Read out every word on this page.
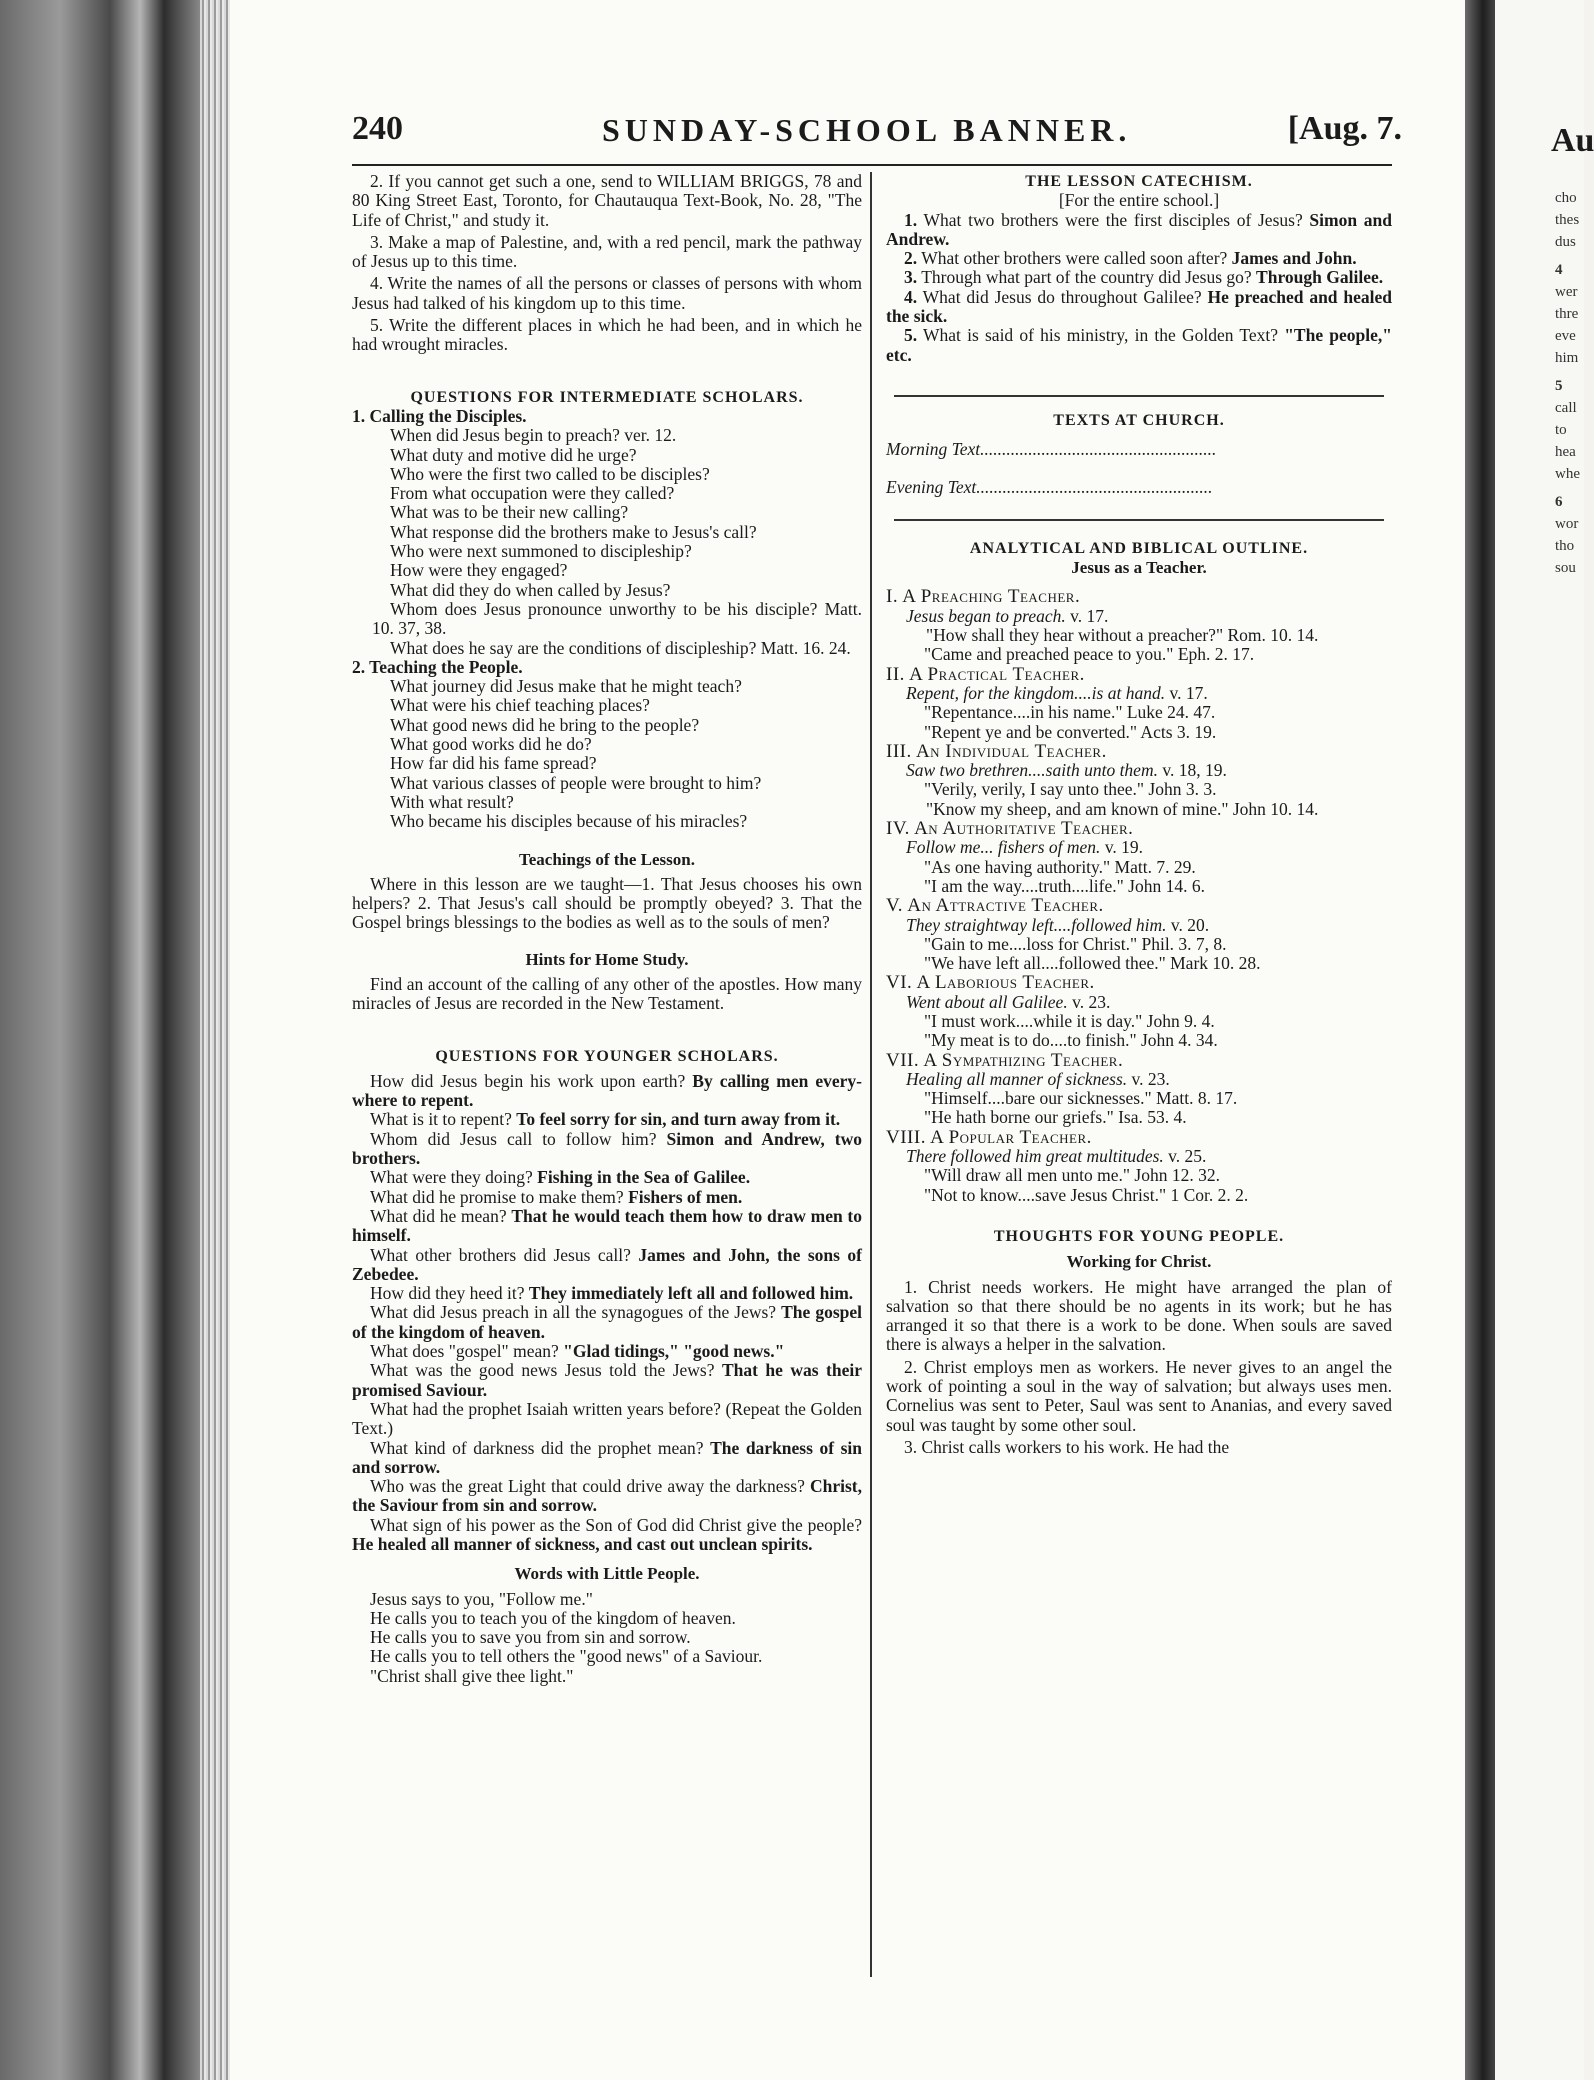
Au
cho
thes
dus
4
wer
thre
eve
him
5
call
to
hea
whe
6
wor
tho
sou
240	SUNDAY-SCHOOL BANNER.	[Aug. 7.

2. If you cannot get such a one, send to WILLIAM BRIGGS, 78 and 80 King Street East, Toronto, for Chautauqua Text-Book, No. 28, "The Life of Christ," and study it.

3. Make a map of Palestine, and, with a red pencil, mark the pathway of Jesus up to this time.

4. Write the names of all the persons or classes of persons with whom Jesus had talked of his kingdom up to this time.

5. Write the different places in which he had been, and in which he had wrought miracles.

QUESTIONS FOR INTERMEDIATE SCHOLARS.

1. Calling the Disciples.

When did Jesus begin to preach? ver. 12.

What duty and motive did he urge?

Who were the first two called to be disciples?

From what occupation were they called?

What was to be their new calling?

What response did the brothers make to Jesus's call?

Who were next summoned to discipleship?

How were they engaged?

What did they do when called by Jesus?

Whom does Jesus pronounce unworthy to be his disciple? Matt. 10. 37, 38.

What does he say are the conditions of discipleship? Matt. 16. 24.

2. Teaching the People.

What journey did Jesus make that he might teach?

What were his chief teaching places?

What good news did he bring to the people?

What good works did he do?

How far did his fame spread?

What various classes of people were brought to him?

With what result?

Who became his disciples because of his miracles?

Teachings of the Lesson.

Where in this lesson are we taught—1. That Jesus chooses his own helpers? 2. That Jesus's call should be promptly obeyed? 3. That the Gospel brings blessings to the bodies as well as to the souls of men?

Hints for Home Study.

Find an account of the calling of any other of the apostles. How many miracles of Jesus are recorded in the New Testament.

QUESTIONS FOR YOUNGER SCHOLARS.

How did Jesus begin his work upon earth? By calling men every-where to repent.

What is it to repent? To feel sorry for sin, and turn away from it.

Whom did Jesus call to follow him? Simon and Andrew, two brothers.

What were they doing? Fishing in the Sea of Galilee.

What did he promise to make them? Fishers of men.

What did he mean? That he would teach them how to draw men to himself.

What other brothers did Jesus call? James and John, the sons of Zebedee.

How did they heed it? They immediately left all and followed him.

What did Jesus preach in all the synagogues of the Jews? The gospel of the kingdom of heaven.

What does "gospel" mean? "Glad tidings," "good news."

What was the good news Jesus told the Jews? That he was their promised Saviour.

What had the prophet Isaiah written years before? (Repeat the Golden Text.)

What kind of darkness did the prophet mean? The darkness of sin and sorrow.

Who was the great Light that could drive away the darkness? Christ, the Saviour from sin and sorrow.

What sign of his power as the Son of God did Christ give the people? He healed all manner of sickness, and cast out unclean spirits.

Words with Little People.

Jesus says to you, "Follow me."

He calls you to teach you of the kingdom of heaven.

He calls you to save you from sin and sorrow.

He calls you to tell others the "good news" of a Saviour.

"Christ shall give thee light."

THE LESSON CATECHISM.

[For the entire school.]

1. What two brothers were the first disciples of Jesus? Simon and Andrew.

2. What other brothers were called soon after? James and John.

3. Through what part of the country did Jesus go? Through Galilee.

4. What did Jesus do throughout Galilee? He preached and healed the sick.

5. What is said of his ministry, in the Golden Text? "The people," etc.

TEXTS AT CHURCH.

Morning Text......................................................

Evening Text......................................................

ANALYTICAL AND BIBLICAL OUTLINE.

Jesus as a Teacher.

I. A Preaching Teacher.

Jesus began to preach. v. 17.

"How shall they hear without a preacher?" Rom. 10. 14.

"Came and preached peace to you." Eph. 2. 17.

II. A Practical Teacher.

Repent, for the kingdom....is at hand. v. 17.

"Repentance....in his name." Luke 24. 47.

"Repent ye and be converted." Acts 3. 19.

III. An Individual Teacher.

Saw two brethren....saith unto them. v. 18, 19.

"Verily, verily, I say unto thee." John 3. 3.

"Know my sheep, and am known of mine." John 10. 14.

IV. An Authoritative Teacher.

Follow me... fishers of men. v. 19.

"As one having authority." Matt. 7. 29.

"I am the way....truth....life." John 14. 6.

V. An Attractive Teacher.

They straightway left....followed him. v. 20.

"Gain to me....loss for Christ." Phil. 3. 7, 8.

"We have left all....followed thee." Mark 10. 28.

VI. A Laborious Teacher.

Went about all Galilee. v. 23.

"I must work....while it is day." John 9. 4.

"My meat is to do....to finish." John 4. 34.

VII. A Sympathizing Teacher.

Healing all manner of sickness. v. 23.

"Himself....bare our sicknesses." Matt. 8. 17.

"He hath borne our griefs." Isa. 53. 4.

VIII. A Popular Teacher.

There followed him great multitudes. v. 25.

"Will draw all men unto me." John 12. 32.

"Not to know....save Jesus Christ." 1 Cor. 2. 2.

THOUGHTS FOR YOUNG PEOPLE.

Working for Christ.

1. Christ needs workers. He might have arranged the plan of salvation so that there should be no agents in its work; but he has arranged it so that there is a work to be done. When souls are saved there is always a helper in the salvation.

2. Christ employs men as workers. He never gives to an angel the work of pointing a soul in the way of salvation; but always uses men. Cornelius was sent to Peter, Saul was sent to Ananias, and every saved soul was taught by some other soul.

3. Christ calls workers to his work. He had the
